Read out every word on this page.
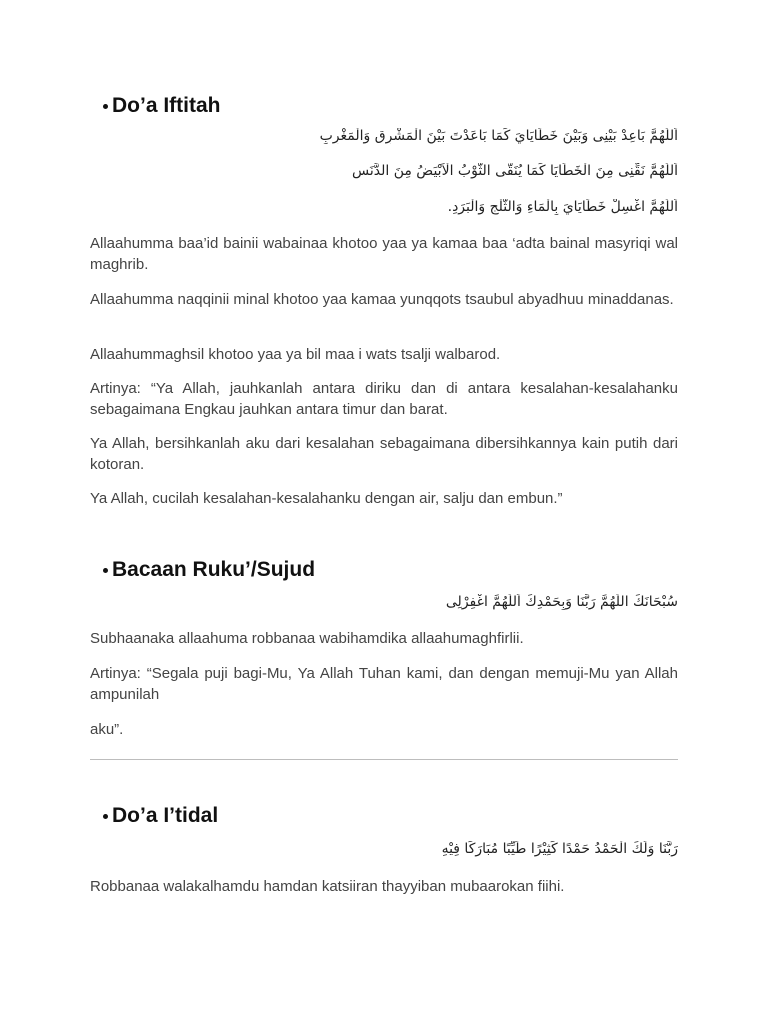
Do’a Iftitah
اَللّٰهُمَّ بَاعِدْ بَيْنِى وَبَيْنَ خَطَايَايَ كَمَا بَاعَدْتَ بَيْنَ الْمَشْرِقِ وَالْمَغْرِبِ
اَللّٰهُمَّ نَقِّنِى مِنَ الْخَطَايَا كَمَا يُنَقَّى الثَّوْبُ الْاَبْيَضُ مِنَ الدَّنَسِ
اَللّٰهُمَّ اغْسِلْ خَطَايَايَ بِالْمَاءِ وَالثَّلْجِ وَالْبَرَدِ.

Allaahumma baa’id bainii wabainaa khotoo yaa ya kamaa baa ‘adta bainal masyriqi wal maghrib.

Allaahumma naqqinii minal khotoo yaa kamaa yunqqots tsaubul abyadhuu minaddanas.

Allaahummaghsil khotoo yaa ya bil maa i wats tsalji walbarod.

Artinya: “Ya Allah, jauhkanlah antara diriku dan di antara kesalahan-kesalahanku sebagaimana Engkau jauhkan antara timur dan barat.

Ya Allah, bersihkanlah aku dari kesalahan sebagaimana dibersihkannya kain putih dari kotoran.

Ya Allah, cucilah kesalahan-kesalahanku dengan air, salju dan embun.”

Bacaan Ruku’/Sujud
سُبْحَانَكَ اللّٰهُمَّ رَبَّنَا وَبِحَمْدِكَ اَللّٰهُمَّ اغْفِرْلِى

Subhaanaka allaahuma robbanaa wabihamdika allaahumaghfirlii.

Artinya: “Segala puji bagi-Mu, Ya Allah Tuhan kami, dan dengan memuji-Mu yan Allah ampunilah

aku”.

Do’a I’tidal
رَبَّنَا وَلَكَ الْحَمْدُ حَمْدًا كَثِيْرًا طَيِّبًا مُبَارَكًا فِيْهِ

Robbanaa walakalhamdu hamdan katsiiran thayyiban mubaarokan fiihi.
